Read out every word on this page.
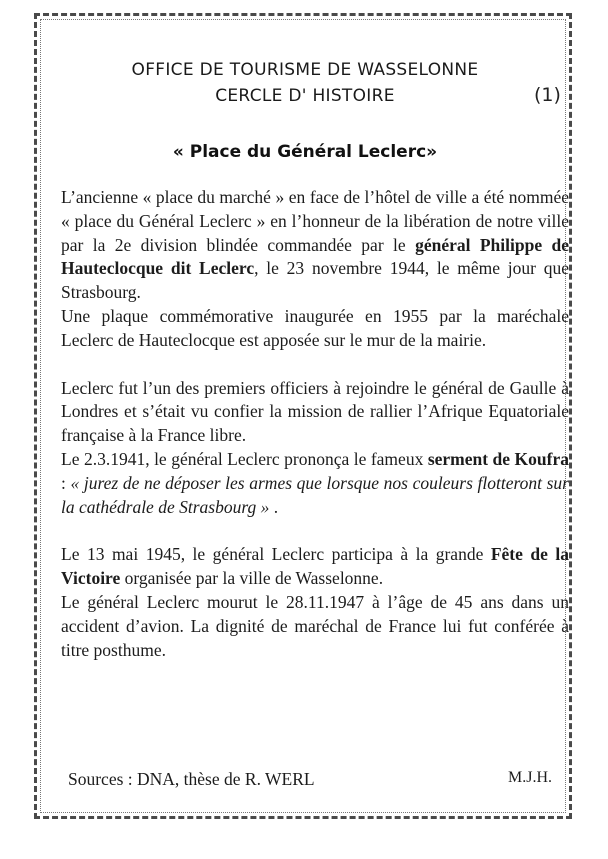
OFFICE DE TOURISME DE WASSELONNE
CERCLE D' HISTOIRE	(1)
« Place du Général Leclerc»

L’ancienne « place du marché » en face de l’hôtel de ville a été nommée « place du Général Leclerc » en l’honneur de la libération de notre ville par la 2e division blindée commandée par le général Philippe de Hauteclocque dit Leclerc, le 23 novembre 1944, le même jour que Strasbourg.

Une plaque commémorative inaugurée en 1955 par la maréchale Leclerc de Hauteclocque est apposée sur le mur de la mairie.

Leclerc fut l’un des premiers officiers à rejoindre le général de Gaulle à Londres et s’était vu confier la mission de rallier l’Afrique Equatoriale française à la France libre.

Le 2.3.1941, le général Leclerc prononça le fameux serment de Koufra : « jurez de ne déposer les armes que lorsque nos couleurs flotteront sur la cathédrale de Strasbourg » .

Le 13 mai 1945, le général Leclerc participa à la grande Fête de la Victoire organisée par la ville de Wasselonne.

Le général Leclerc mourut le 28.11.1947 à l’âge de 45 ans dans un accident d’avion. La dignité de maréchal de France lui fut conférée à titre posthume.

Sources : DNA, thèse de R. WERL	M.J.H.
